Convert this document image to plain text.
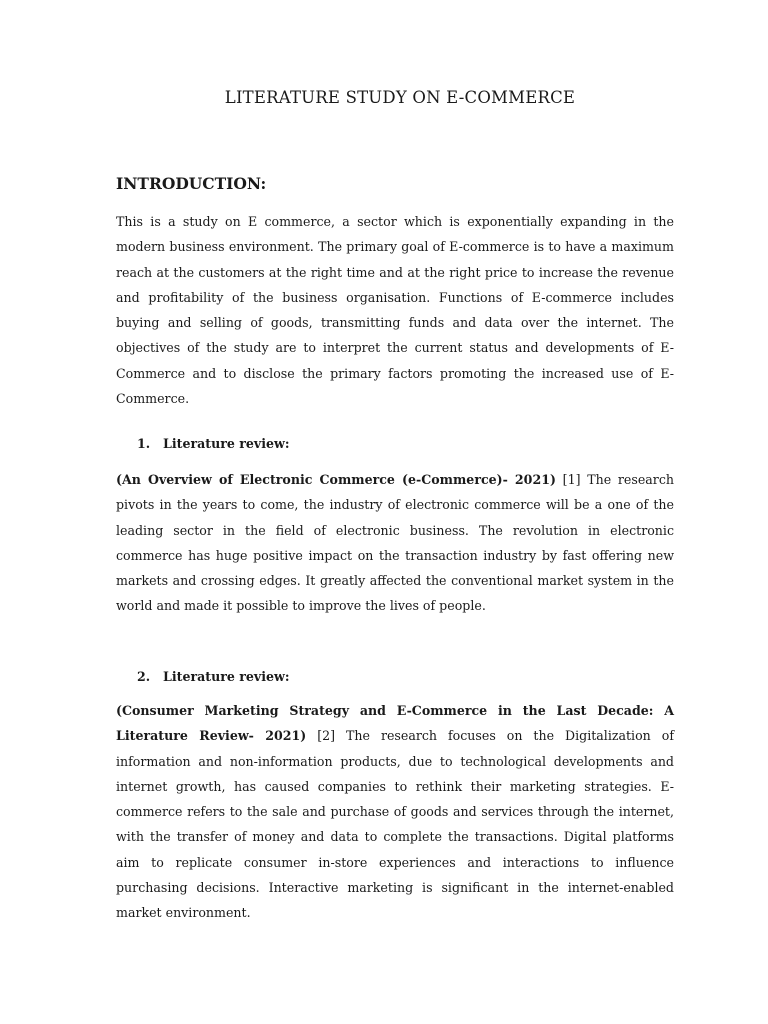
LITERATURE STUDY ON E-COMMERCE
INTRODUCTION:

This is a study on E commerce, a sector which is exponentially expanding in the modern business environment. The primary goal of E-commerce is to have a maximum reach at the customers at the right time and at the right price to increase the revenue and profitability of the business organisation. Functions of E-commerce includes buying and selling of goods, transmitting funds and data over the internet. The objectives of the study are to interpret the current status and developments of E-Commerce and to disclose the primary factors promoting the increased use of E-Commerce.

1. Literature review:

(An Overview of Electronic Commerce (e-Commerce)- 2021) [1] The research pivots in the years to come, the industry of electronic commerce will be a one of the leading sector in the field of electronic business. The revolution in electronic commerce has huge positive impact on the transaction industry by fast offering new markets and crossing edges. It greatly affected the conventional market system in the world and made it possible to improve the lives of people.

2. Literature review:

(Consumer Marketing Strategy and E-Commerce in the Last Decade: A Literature Review- 2021) [2] The research focuses on the Digitalization of information and non-information products, due to technological developments and internet growth, has caused companies to rethink their marketing strategies. E-commerce refers to the sale and purchase of goods and services through the internet, with the transfer of money and data to complete the transactions. Digital platforms aim to replicate consumer in-store experiences and interactions to influence purchasing decisions. Interactive marketing is significant in the internet-enabled market environment.
